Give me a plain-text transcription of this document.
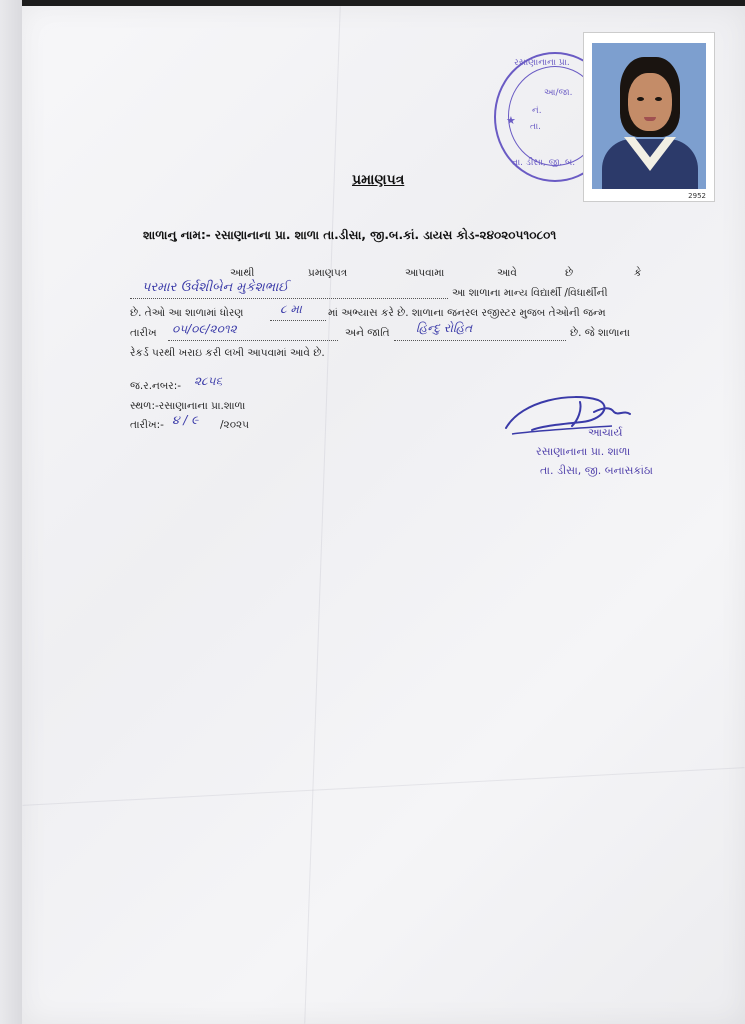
રસાણાનાના પ્રા.
આ/જા.
નં.
★ તા.
તા. ડીસા, જી. બ.
2952
પ્રમાણપત્ર
શાળાનુ નામ:- રસાણાનાના પ્રા. શાળા તા.ડીસા, જી.બ.કાં. ડાયસ કોડ-૨૪૦૨૦૫૧૦૮૦૧
આથી	પ્રમાણપત્ર	આપવામા	આવે	છે	કે
પરમાર ઉર્વશીબેન મુકેશભાઈ	આ શાળાના માન્ય વિદ્યાર્થી /વિધાર્થીની
છે. તેઓ આ શાળામાં ધોરણ	૮ મા માં અભ્યાસ કરે છે. શાળાના જનરલ રજીસ્ટર મુજબ તેઓની જન્મ
તારીખ ૦૫/૦૯/૨૦૧૨	અને જાતિ હિન્દુ રોહિત	છે. જે શાળાના
રેકર્ડ પરથી ખરાઇ કરી લખી આપવામાં આવે છે.
જ.ર.નબર:- ૨૮૫૬
સ્થળ:-રસાણાનાના પ્રા.શાળા
તારીખ:- ૪ / ૯ /૨૦૨૫
આચાર્ય
રસાણાનાના પ્રા. શાળા
તા. ડીસા, જી. બનાસકાંઠા
